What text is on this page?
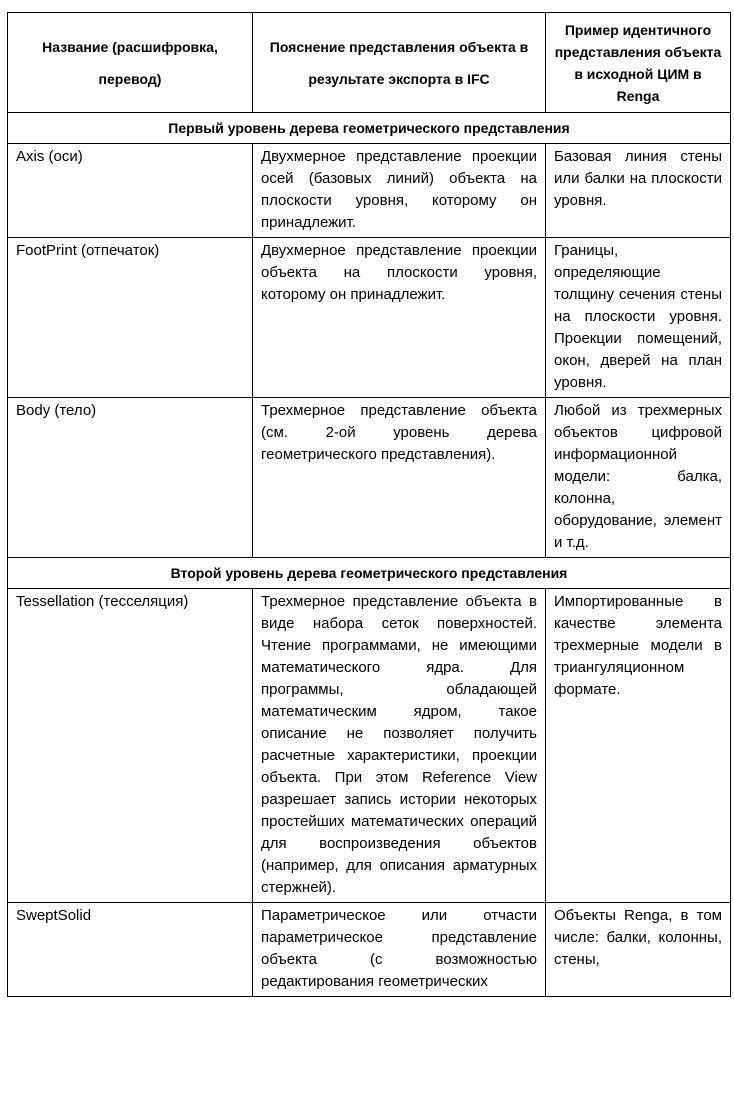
Название (расшифровка, перевод)	Пояснение представления объекта в результате экспорта в IFC	Пример идентичного представления объекта в исходной ЦИМ в Renga
Первый уровень дерева геометрического представления		
Axis (оси)	Двухмерное представление проекции осей (базовых линий) объекта на плоскости уровня, которому он принадлежит.	Базовая линия стены или балки на плоскости уровня.
FootPrint (отпечаток)	Двухмерное представление проекции объекта на плоскости уровня, которому он принадлежит.	Границы, определяющие толщину сечения стены на плоскости уровня. Проекции помещений, окон, дверей на план уровня.
Body (тело)	Трехмерное представление объекта (см. 2-ой уровень дерева геометрического представления).	Любой из трехмерных объектов цифровой информационной модели: балка, колонна, оборудование, элемент и т.д.
Второй уровень дерева геометрического представления		
Tessellation (тесселяция)	Трехмерное представление объекта в виде набора сеток поверхностей. Чтение программами, не имеющими математического ядра. Для программы, обладающей математическим ядром, такое описание не позволяет получить расчетные характеристики, проекции объекта. При этом Reference View разрешает запись истории некоторых простейших математических операций для воспроизведения объектов (например, для описания арматурных стержней).	Импортированные в качестве элемента трехмерные модели в триангуляционном формате.
SweptSolid	Параметрическое или отчасти параметрическое представление объекта (с возможностью редактирования геометрических	Объекты Renga, в том числе: балки, колонны, стены,
